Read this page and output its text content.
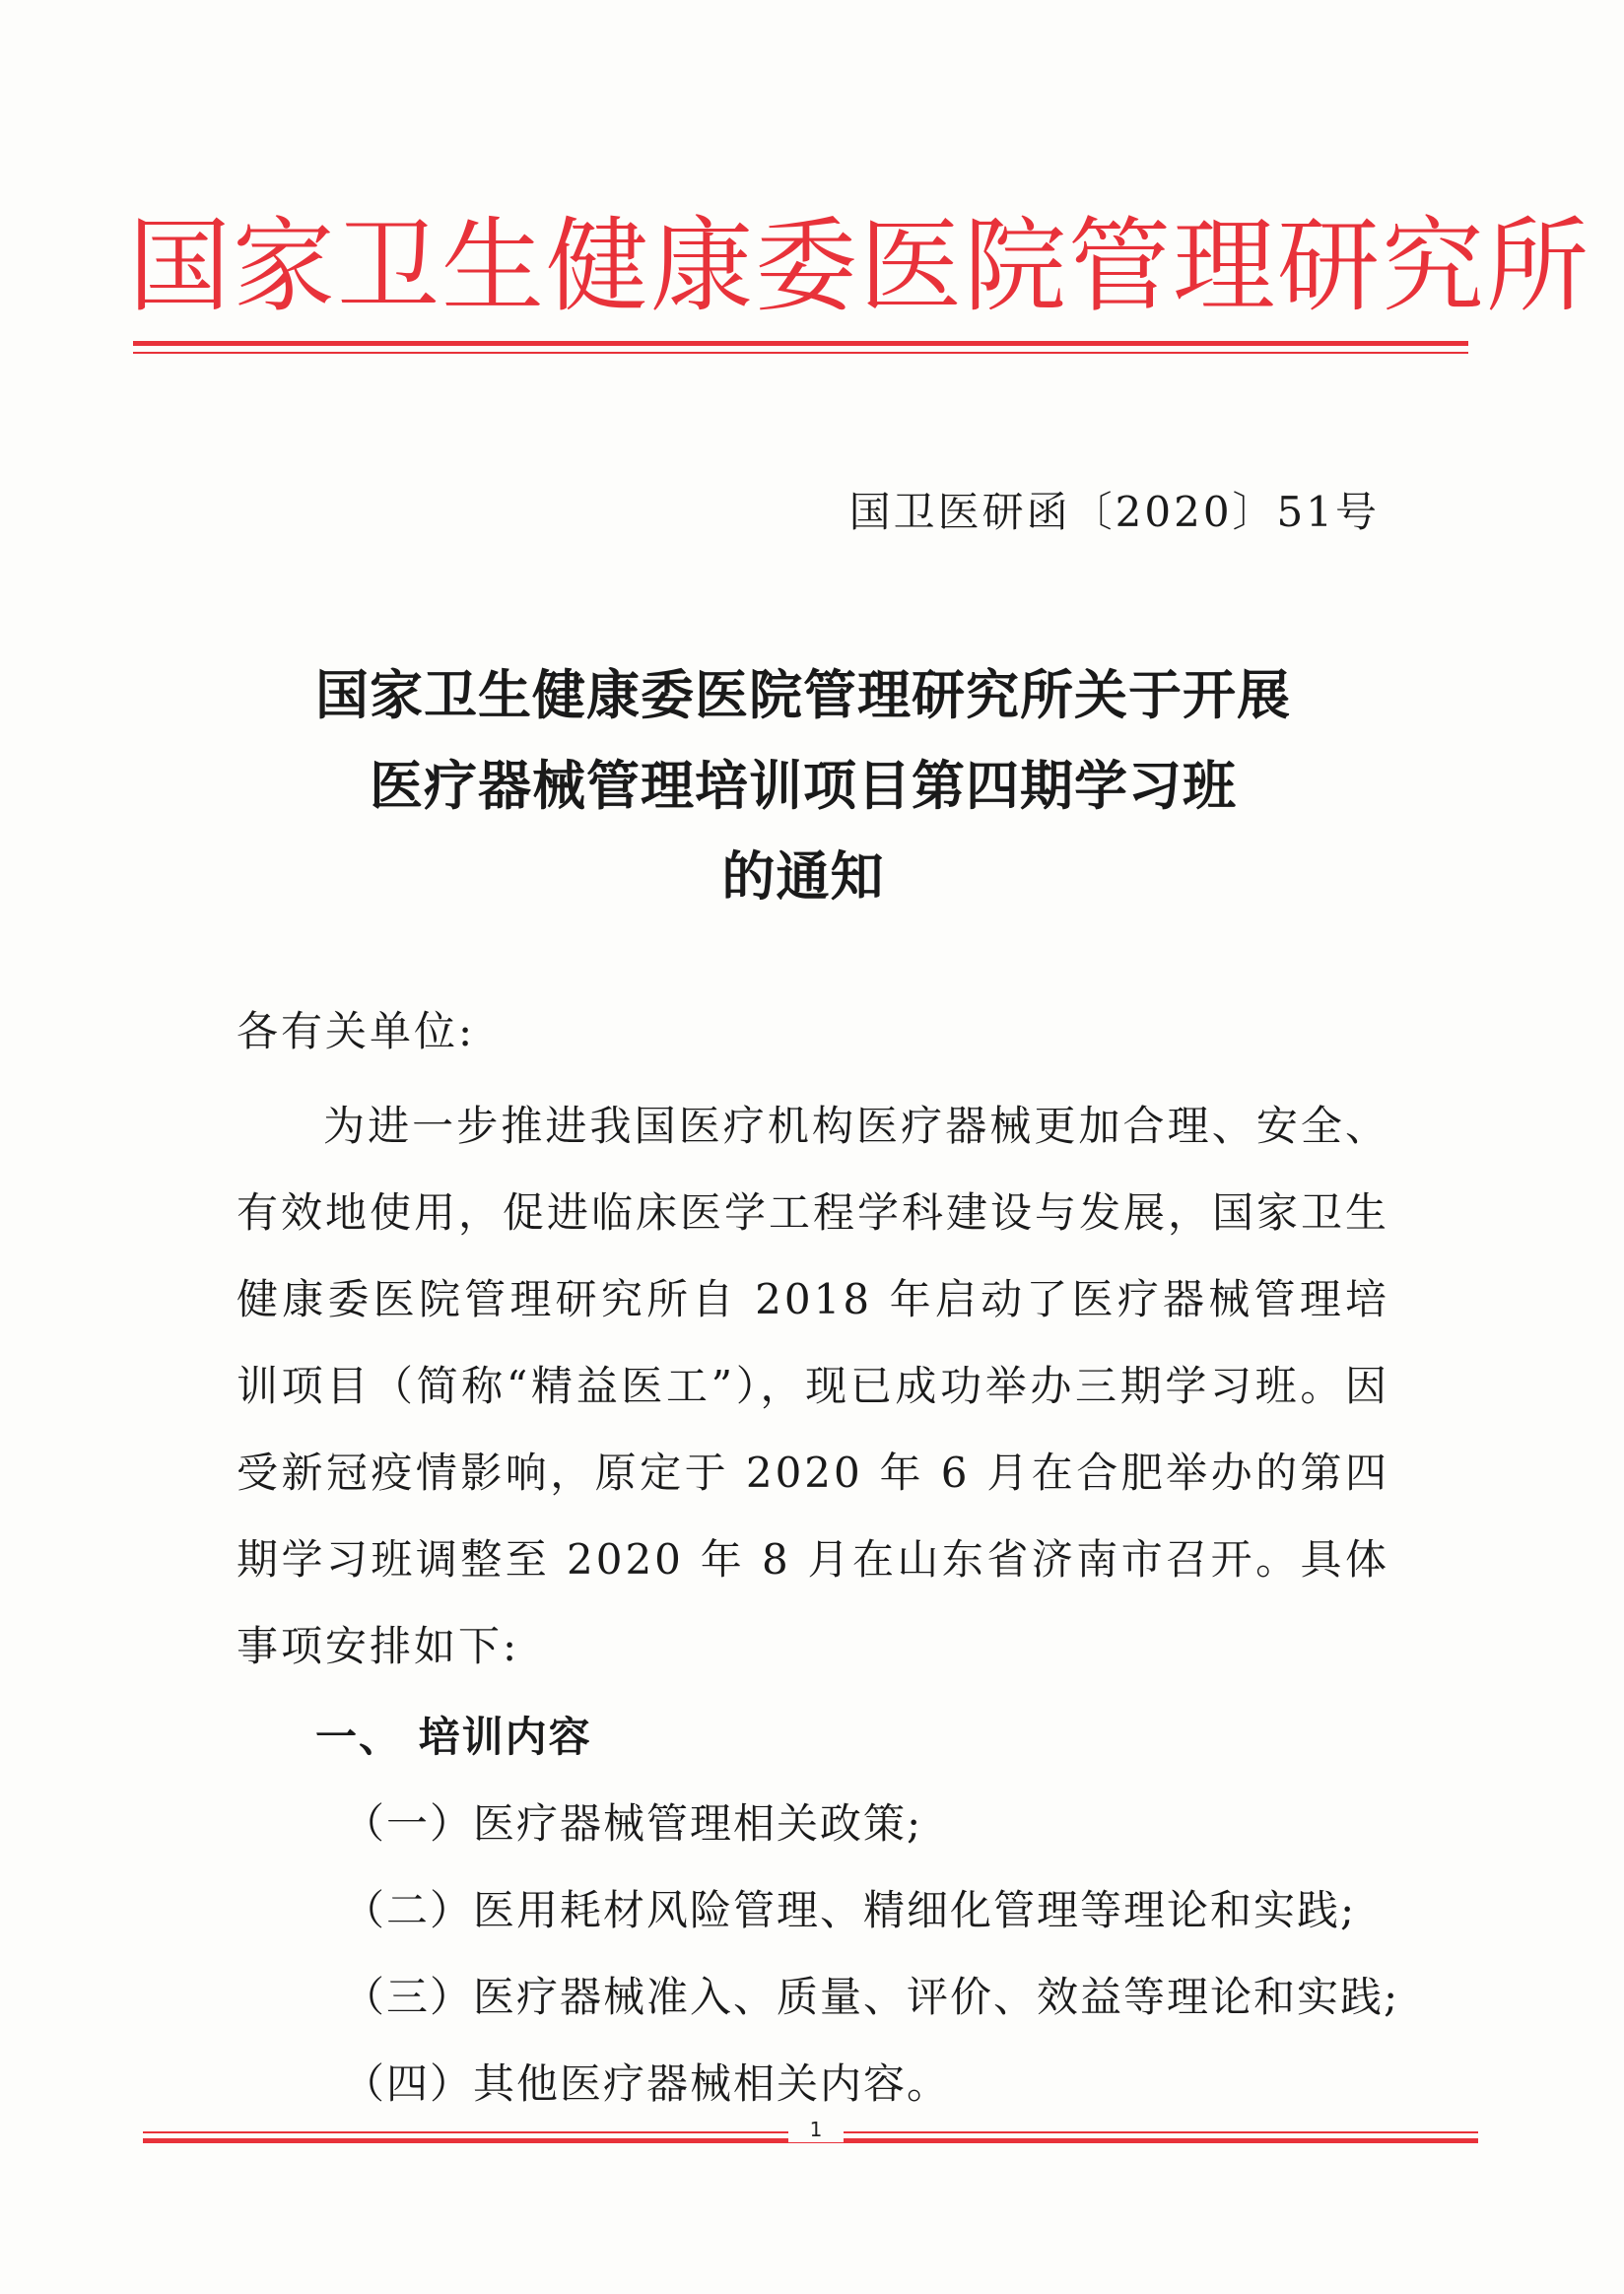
国家卫生健康委医院管理研究所
国卫医研函〔2020〕51号
国家卫生健康委医院管理研究所关于开展
医疗器械管理培训项目第四期学习班
的通知
各有关单位:
为进一步推进我国医疗机构医疗器械更加合理、安全、有效地使用，促进临床医学工程学科建设与发展，国家卫生健康委医院管理研究所自 2018 年启动了医疗器械管理培训项目（简称“精益医工”），现已成功举办三期学习班。因受新冠疫情影响，原定于 2020 年 6 月在合肥举办的第四期学习班调整至 2020 年 8 月在山东省济南市召开。具体事项安排如下:
一、 培训内容
（一）医疗器械管理相关政策;
（二）医用耗材风险管理、精细化管理等理论和实践;
（三）医疗器械准入、质量、评价、效益等理论和实践;
（四）其他医疗器械相关内容。
1
